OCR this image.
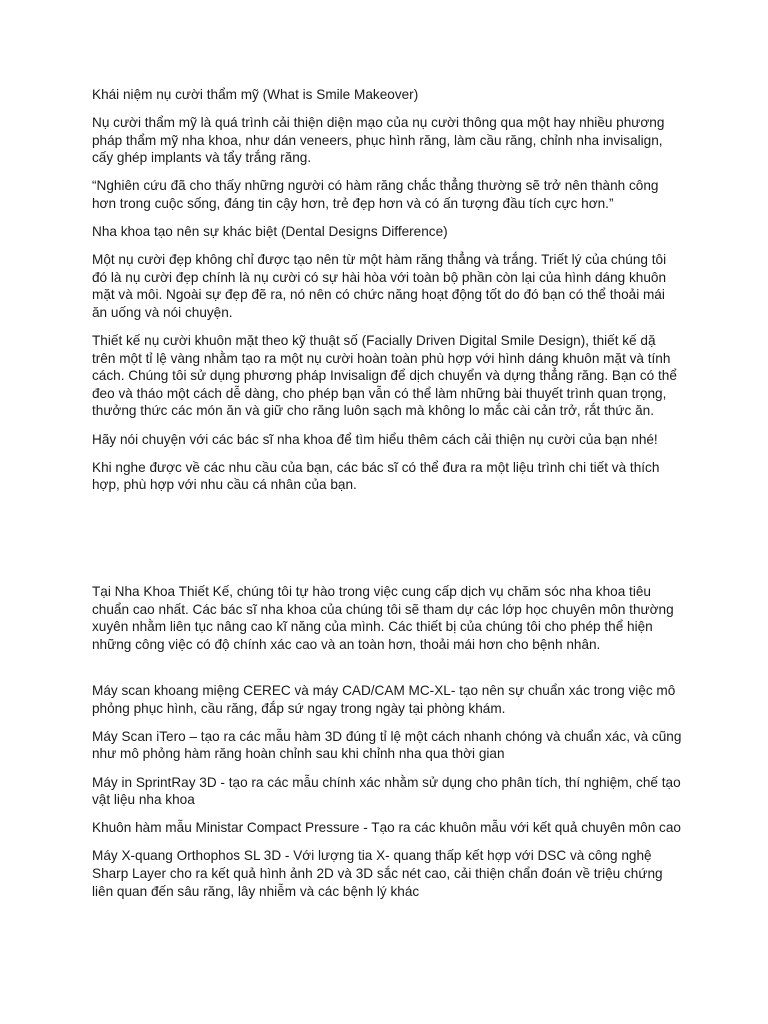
Khái niệm nụ cười thẩm mỹ (What is Smile Makeover)

Nụ cười thẩm mỹ là quá trình cải thiện diện mạo của nụ cười thông qua một hay nhiều phương pháp thẩm mỹ nha khoa, như dán veneers, phục hình răng, làm cầu răng, chỉnh nha invisalign, cấy ghép implants và tẩy trắng răng.

“Nghiên cứu đã cho thấy những người có hàm răng chắc thẳng thường sẽ trở nên thành công hơn trong cuộc sống, đáng tin cậy hơn, trẻ đẹp hơn và có ấn tượng đầu tích cực hơn.”

Nha khoa tạo nên sự khác biệt (Dental Designs Difference)

Một nụ cười đẹp không chỉ được tạo nên từ một hàm răng thẳng và trắng. Triết lý của chúng tôi đó là nụ cười đẹp chính là nụ cười có sự hài hòa với toàn bộ phần còn lại của hình dáng khuôn mặt và môi. Ngoài sự đẹp đẽ ra, nó nên có chức năng hoạt động tốt do đó bạn có thể thoải mái ăn uống và nói chuyện.

Thiết kế nụ cười khuôn mặt theo kỹ thuật số (Facially Driven Digital Smile Design), thiết kế dặ trên một tỉ lệ vàng nhằm tạo ra một nụ cười hoàn toàn phù hợp với hình dáng khuôn mặt và tính cách. Chúng tôi sử dụng phương pháp Invisalign để dịch chuyển và dựng thẳng răng. Bạn có thể đeo và tháo một cách dễ dàng, cho phép bạn vẫn có thể làm những bài thuyết trình quan trọng, thưởng thức các món ăn và giữ cho răng luôn sạch mà không lo mắc cài cản trở, rắt thức ăn.

Hãy nói chuyện với các bác sĩ nha khoa để tìm hiểu thêm cách cải thiện nụ cười của bạn nhé!

Khi nghe được về các nhu cầu của bạn, các bác sĩ có thể đưa ra một liệu trình chi tiết và thích hợp, phù hợp với nhu cầu cá nhân của bạn.

Tại Nha Khoa Thiết Kế, chúng tôi tự hào trong việc cung cấp dịch vụ chăm sóc nha khoa tiêu chuẩn cao nhất. Các bác sĩ nha khoa của chúng tôi sẽ tham dự các lớp học chuyên môn thường xuyên nhằm liên tục nâng cao kĩ năng của mình. Các thiết bị của chúng tôi cho phép thể hiện những công việc có độ chính xác cao và an toàn hơn, thoải mái hơn cho bệnh nhân.

Máy scan khoang miệng CEREC và máy CAD/CAM MC-XL- tạo nên sự chuẩn xác trong việc mô phỏng phục hình, cầu răng, đắp sứ ngay trong ngày tại phòng khám.

Máy Scan iTero – tạo ra các mẫu hàm 3D đúng tỉ lệ một cách nhanh chóng và chuẩn xác, và cũng như mô phỏng hàm răng hoàn chỉnh sau khi chỉnh nha qua thời gian

Máy in SprintRay 3D - tạo ra các mẫu chính xác nhằm sử dụng cho phân tích, thí nghiệm, chế tạo vật liệu nha khoa

Khuôn hàm mẫu Ministar Compact Pressure - Tạo ra các khuôn mẫu với kết quả chuyên môn cao

Máy X-quang Orthophos SL 3D - Với lượng tia X- quang thấp kết hợp với DSC và công nghệ Sharp Layer cho ra kết quả hình ảnh 2D và 3D sắc nét cao, cải thiện chẩn đoán về triệu chứng liên quan đến sâu răng, lây nhiễm và các bệnh lý khác
